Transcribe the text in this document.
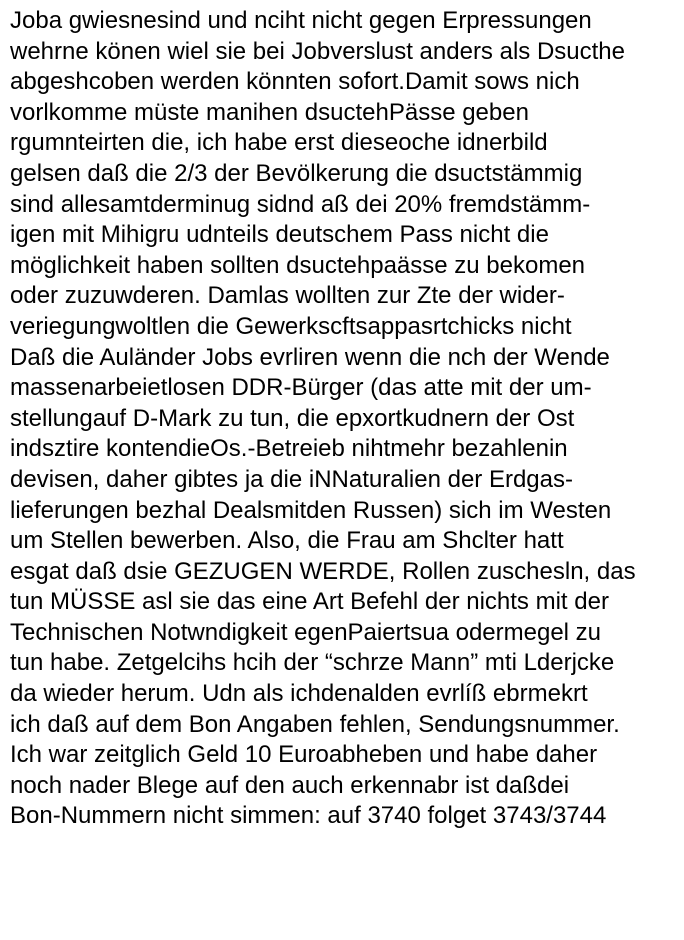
Joba gwiesnesind und nciht nicht gegen Erpressungen
wehrne könen wiel sie bei Jobverslust anders als Dsucthe
abgeshcoben werden könnten sofort.Damit sows nich
vorlkomme müste manihen dsuctehPässe geben
rgumnteirten die, ich habe erst dieseoche idnerbild
gelsen daß die 2/3 der Bevölkerung die dsuctstämmig
sind allesamtderminug sidnd aß dei 20% fremdstämm-
igen mit Mihigru udnteils deutschem Pass nicht die
möglichkeit haben sollten dsuctehpaässe zu bekomen
oder zuzuwderen. Damlas wollten zur Zte der wider-
veriegungwoltlen die Gewerkscftsappasrtchicks nicht
Daß die Auländer Jobs evrliren wenn die nch der Wende
massenarbeietlosen DDR-Bürger (das atte mit der um-
stellungauf D-Mark zu tun, die epxortkudnern der Ost
indsztire kontendieOs.-Betreieb nihtmehr bezahlenin
devisen, daher gibtes ja die iNNaturalien der Erdgas-
lieferungen bezhal Dealsmitden Russen) sich im Westen
um Stellen bewerben. Also, die Frau am Shclter hatt
esgat daß dsie GEZUGEN WERDE, Rollen zuschesln, das
tun MÜSSE asl sie das eine Art Befehl der nichts mit der
Technischen Notwndigkeit egenPaiertsua odermegel zu
tun habe. Zetgelcihs hcih der “schrze Mann” mti Lderjcke
da wieder herum. Udn als ichdenalden evrlíß ebrmekrt
ich daß auf dem Bon Angaben fehlen, Sendungsnummer.
Ich war zeitglich Geld 10 Euroabheben und habe daher
noch nader Blege auf den auch erkennabr ist daßdei
Bon-Nummern nicht simmen: auf 3740 folget 3743/3744
